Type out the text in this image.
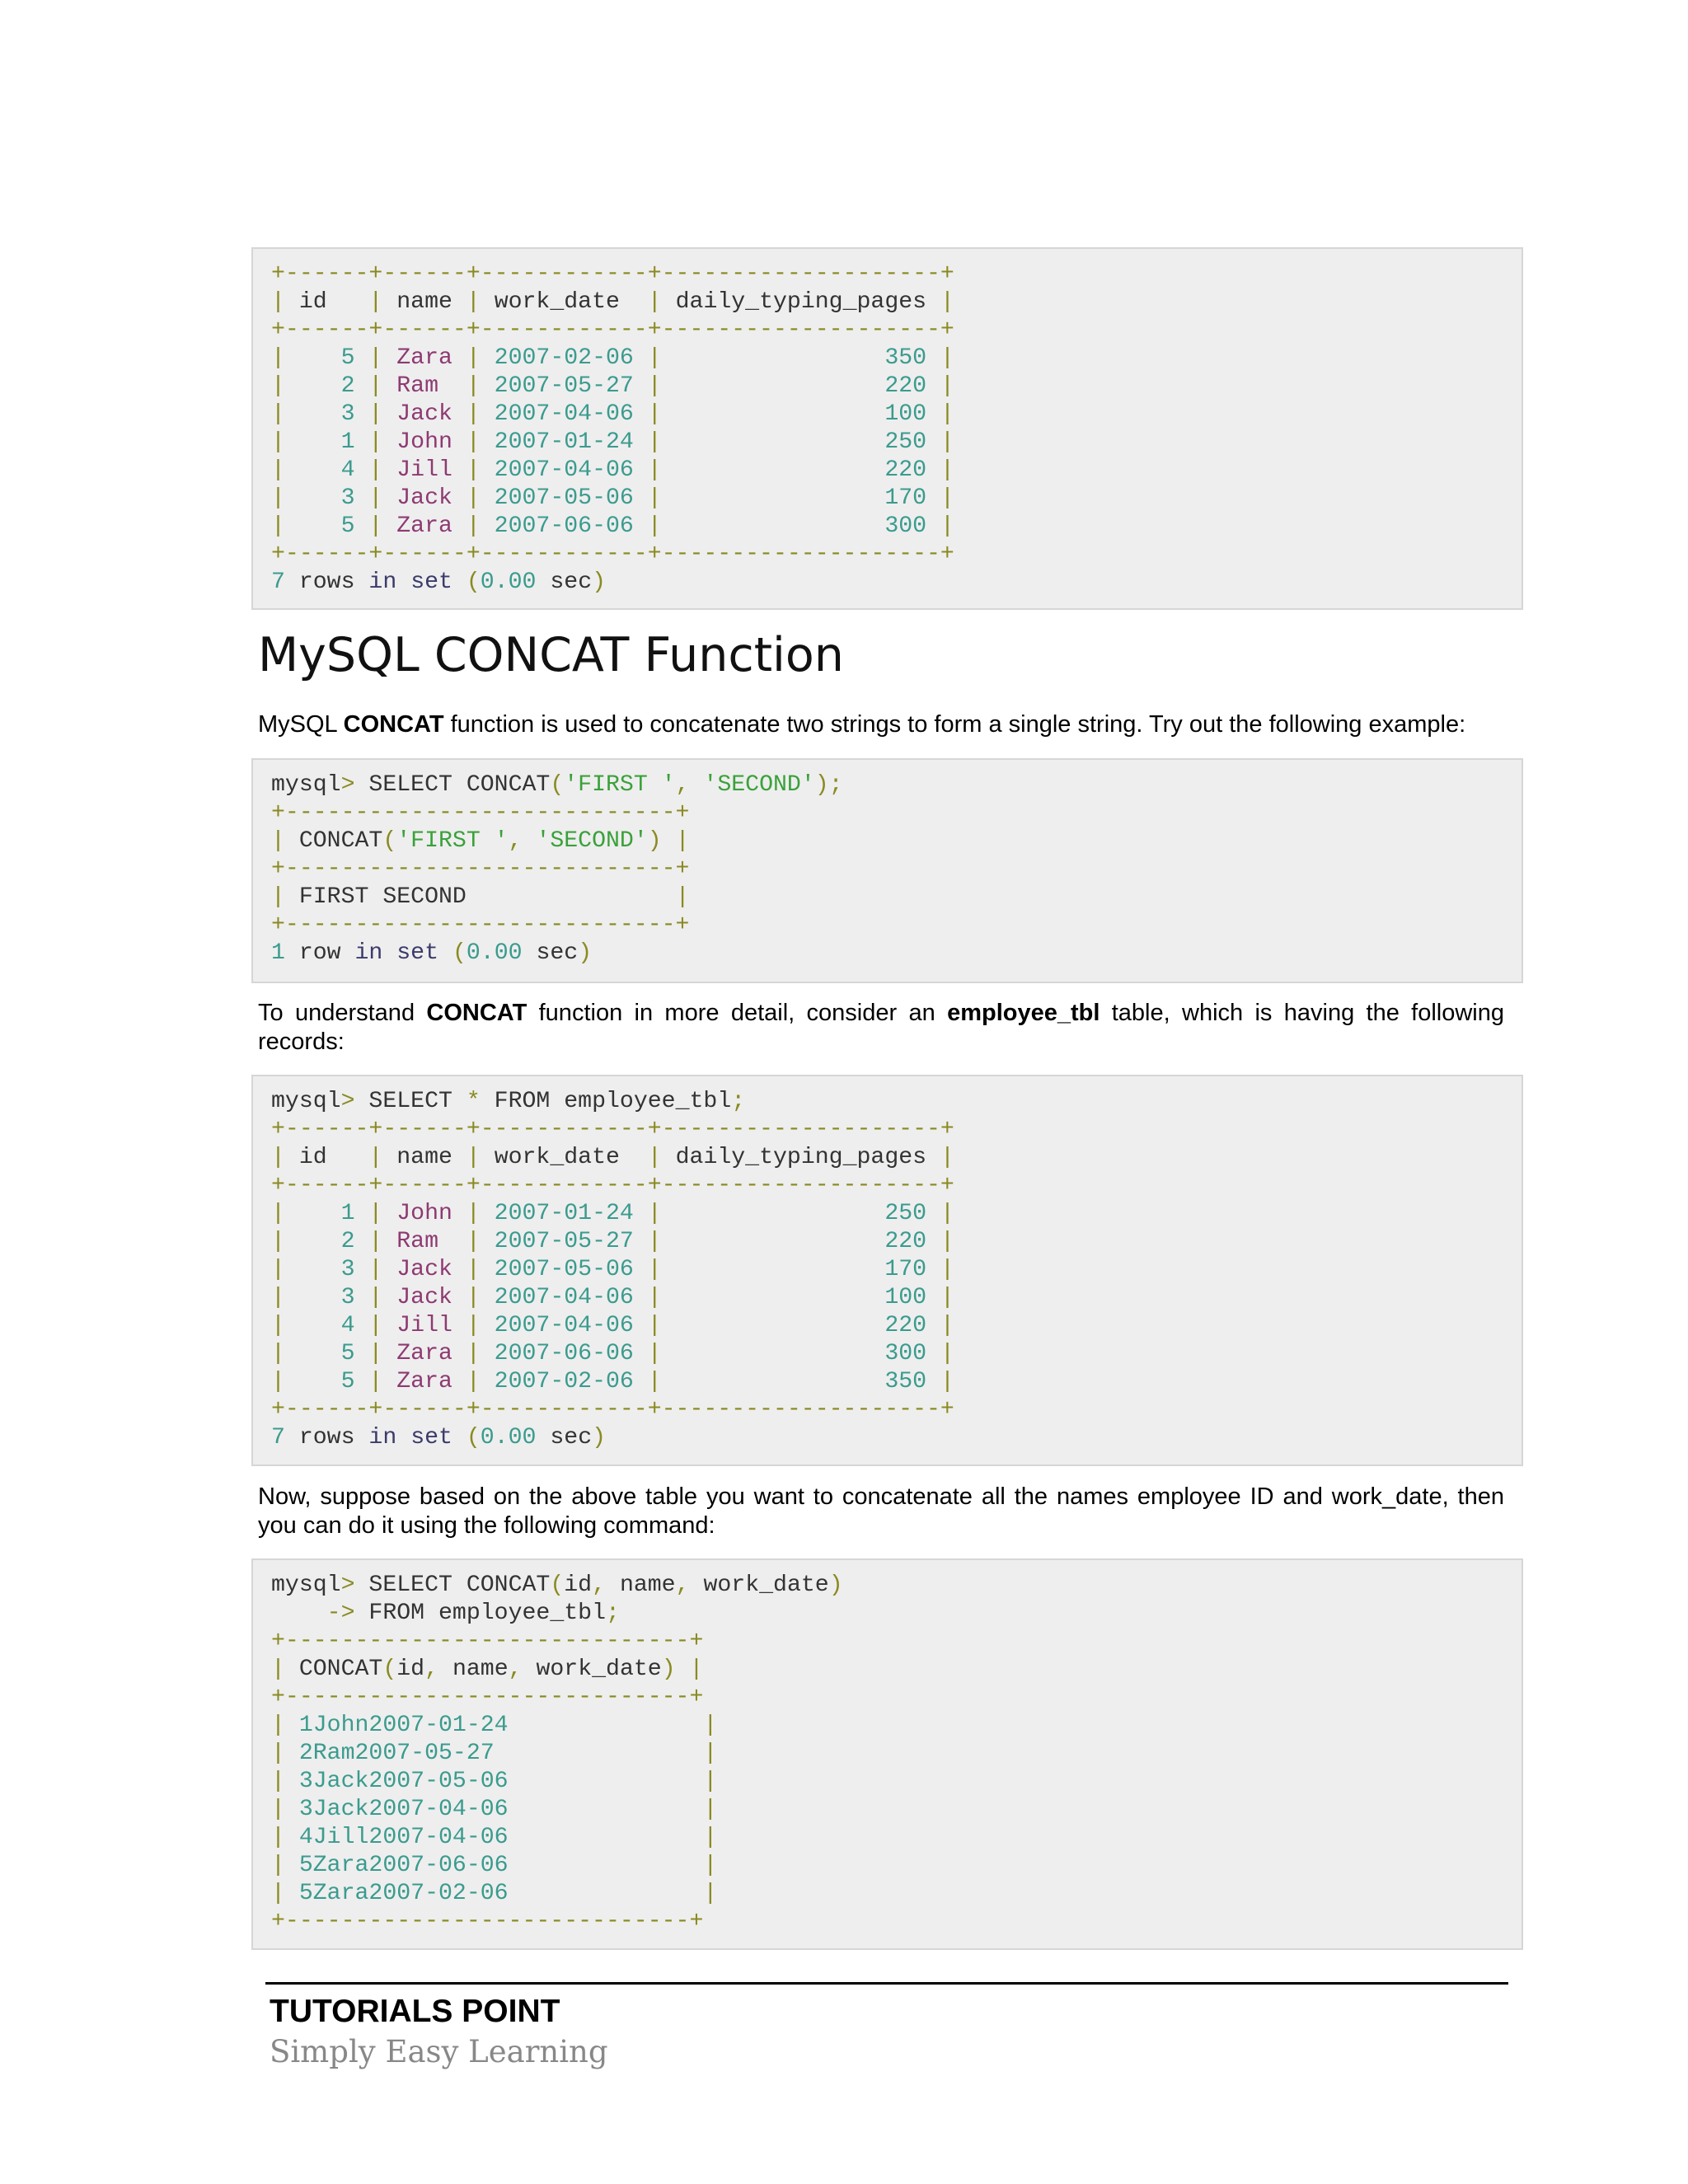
+------+------+------------+--------------------+
| id   | name | work_date  | daily_typing_pages |
+------+------+------------+--------------------+
|    5 | Zara | 2007-02-06 |                350 |
|    2 | Ram  | 2007-05-27 |                220 |
|    3 | Jack | 2007-04-06 |                100 |
|    1 | John | 2007-01-24 |                250 |
|    4 | Jill | 2007-04-06 |                220 |
|    3 | Jack | 2007-05-06 |                170 |
|    5 | Zara | 2007-06-06 |                300 |
+------+------+------------+--------------------+
7 rows in set (0.00 sec)
MySQL CONCAT Function

MySQL CONCAT function is used to concatenate two strings to form a single string. Try out the following example:

mysql> SELECT CONCAT('FIRST ', 'SECOND');
+----------------------------+
| CONCAT('FIRST ', 'SECOND') |
+----------------------------+
| FIRST SECOND               |
+----------------------------+
1 row in set (0.00 sec)

To understand CONCAT function in more detail, consider an employee_tbl table, which is having the following records:

mysql> SELECT * FROM employee_tbl;
+------+------+------------+--------------------+
| id   | name | work_date  | daily_typing_pages |
+------+------+------------+--------------------+
|    1 | John | 2007-01-24 |                250 |
|    2 | Ram  | 2007-05-27 |                220 |
|    3 | Jack | 2007-05-06 |                170 |
|    3 | Jack | 2007-04-06 |                100 |
|    4 | Jill | 2007-04-06 |                220 |
|    5 | Zara | 2007-06-06 |                300 |
|    5 | Zara | 2007-02-06 |                350 |
+------+------+------------+--------------------+
7 rows in set (0.00 sec)

Now, suppose based on the above table you want to concatenate all the names employee ID and work_date, then you can do it using the following command:

mysql> SELECT CONCAT(id, name, work_date)
-> FROM employee_tbl;
+-----------------------------+
| CONCAT(id, name, work_date) |
+-----------------------------+
| 1John2007-01-24	|
| 2Ram2007-05-27	|
| 3Jack2007-05-06	|
| 3Jack2007-04-06	|
| 4Jill2007-04-06	|
| 5Zara2007-06-06	|
| 5Zara2007-02-06	|
+-----------------------------+

TUTORIALS POINT

Simply Easy Learning
